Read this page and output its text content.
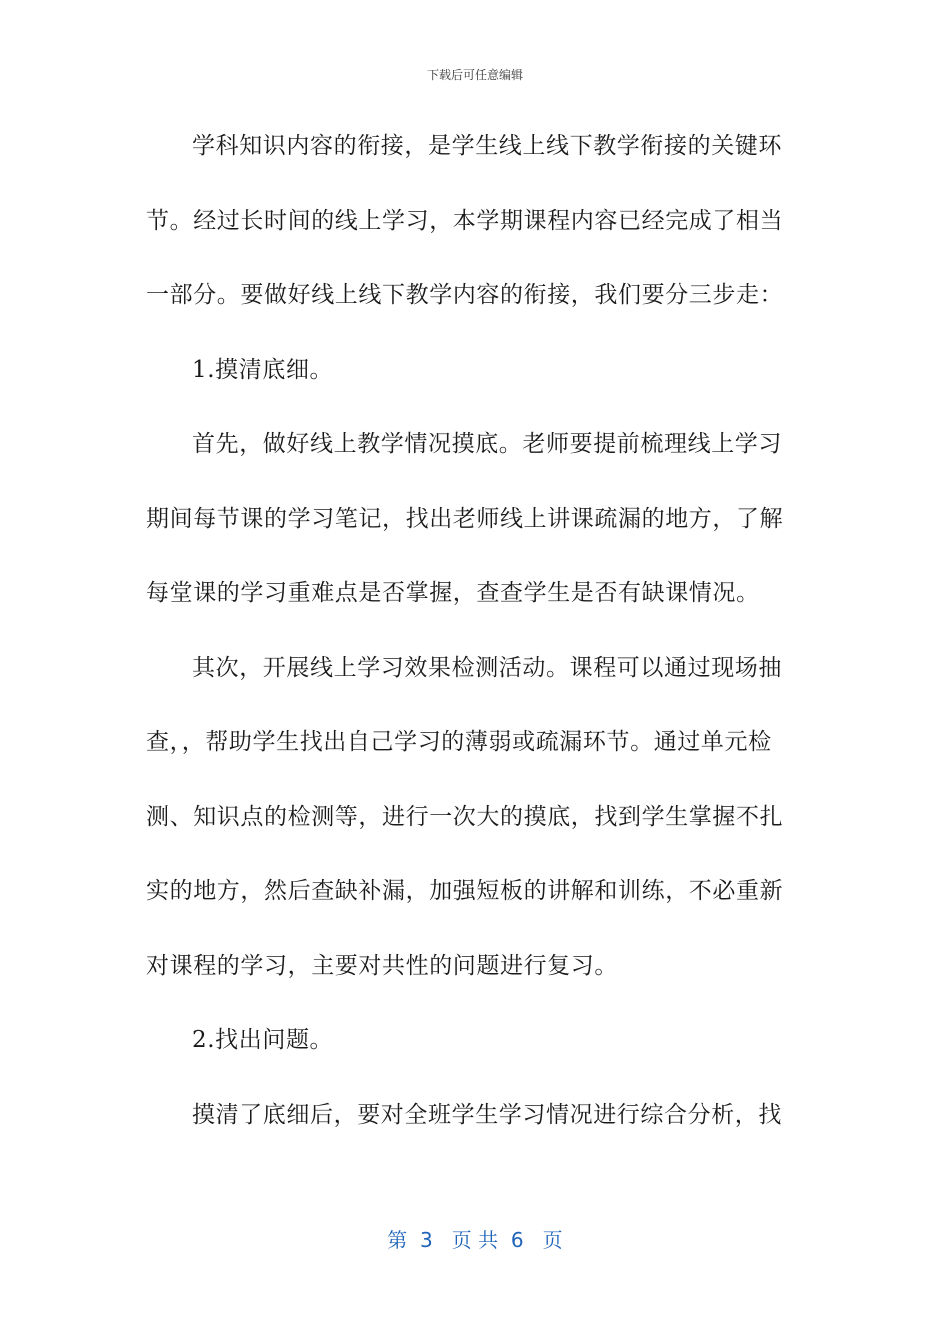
下载后可任意编辑
学科知识内容的衔接，是学生线上线下教学衔接的关键环
节。经过长时间的线上学习，本学期课程内容已经完成了相当
一部分。要做好线上线下教学内容的衔接，我们要分三步走：
1.摸清底细。
首先，做好线上教学情况摸底。老师要提前梳理线上学习
期间每节课的学习笔记，找出老师线上讲课疏漏的地方，了解
每堂课的学习重难点是否掌握，查查学生是否有缺课情况。
其次，开展线上学习效果检测活动。课程可以通过现场抽
查，，帮助学生找出自己学习的薄弱或疏漏环节。通过单元检
测、知识点的检测等，进行一次大的摸底，找到学生掌握不扎
实的地方，然后查缺补漏，加强短板的讲解和训练，不必重新
对课程的学习，主要对共性的问题进行复习。
2.找出问题。
摸清了底细后，要对全班学生学习情况进行综合分析，找
第  3   页 共  6   页
